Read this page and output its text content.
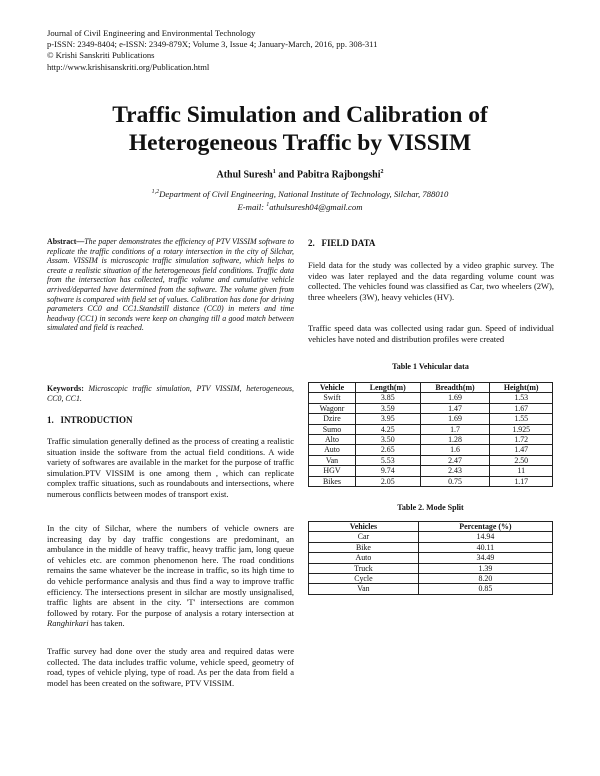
Journal of Civil Engineering and Environmental Technology
p-ISSN: 2349-8404; e-ISSN: 2349-879X; Volume 3, Issue 4; January-March, 2016, pp. 308-311
© Krishi Sanskriti Publications
http://www.krishisanskriti.org/Publication.html
Traffic Simulation and Calibration of
Heterogeneous Traffic by VISSIM
Athul Suresh$^1$ and Pabitra Rajbongshi$^2$
$^{1,2}$Department of Civil Engineering, National Institute of Technology, Silchar, 788010
E-mail: $^1$athulsuresh04@gmail.com

Abstract—The paper demonstrates the efficiency of PTV VISSIM software to replicate the traffic conditions of a rotary intersection in the city of Silchar, Assam. VISSIM is microscopic traffic simulation software, which helps to create a realistic situation of the heterogeneous field conditions. Traffic data from the intersection has collected, traffic volume and cumulative vehicle arrived/departed have determined from the software. The volume given from software is compared with field set of values. Calibration has done for driving parameters CC0 and CC1.Standstill distance (CC0) in meters and time headway (CC1) in seconds were keep on changing till a good match between simulated and field is reached.

Keywords: Microscopic traffic simulation, PTV VISSIM, heterogeneous, CC0, CC1.

1.   INTRODUCTION

Traffic simulation generally defined as the process of creating a realistic situation inside the software from the actual field conditions. A wide variety of softwares are available in the market for the purpose of traffic simulation.PTV VISSIM is one among them , which can replicate complex traffic situations, such as roundabouts and intersections, where numerous conflicts between modes of transport exist.

In the city of Silchar, where the numbers of vehicle owners are increasing day by day traffic congestions are predominant, an ambulance in the middle of heavy traffic, heavy traffic jam, long queue of vehicles etc. are common phenomenon here. The road conditions remains the same whatever be the increase in traffic, so its high time to do vehicle performance analysis and thus find a way to improve traffic efficiency. The intersections present in silchar are mostly unsignalised, traffic lights are absent in the city. 'T' intersections are common followed by rotary. For the purpose of analysis a rotary intersection at Ranghirkari has taken.

Traffic survey had done over the study area and required datas were collected. The data includes traffic volume, vehicle speed, geometry of road, types of vehicle plying, type of road. As per the data from field a model has been created on the software, PTV VISSIM.

2.   FIELD DATA

Field data for the study was collected by a video graphic survey. The video was later replayed and the data regarding volume count was collected. The vehicles found was classified as Car, two wheelers (2W), three wheelers (3W), heavy vehicles (HV).

Traffic speed data was collected using radar gun. Speed of individual vehicles have noted and distribution profiles were created

Table 1 Vehicular data
Vehicle	Length(m)	Breadth(m)	Height(m)
Swift	3.85	1.69	1.53
Wagonr	3.59	1.47	1.67
Dzire	3.95	1.69	1.55
Sumo	4.25	1.7	1.925
Alto	3.50	1.28	1.72
Auto	2.65	1.6	1.47
Van	5.53	2.47	2.50
HGV	9.74	2.43	11
Bikes	2.05	0.75	1.17
Table 2. Mode Split
Vehicles	Percentage (%)
Car	14.94
Bike	40.11
Auto	34.49
Truck	1.39
Cycle	8.20
Van	0.85
